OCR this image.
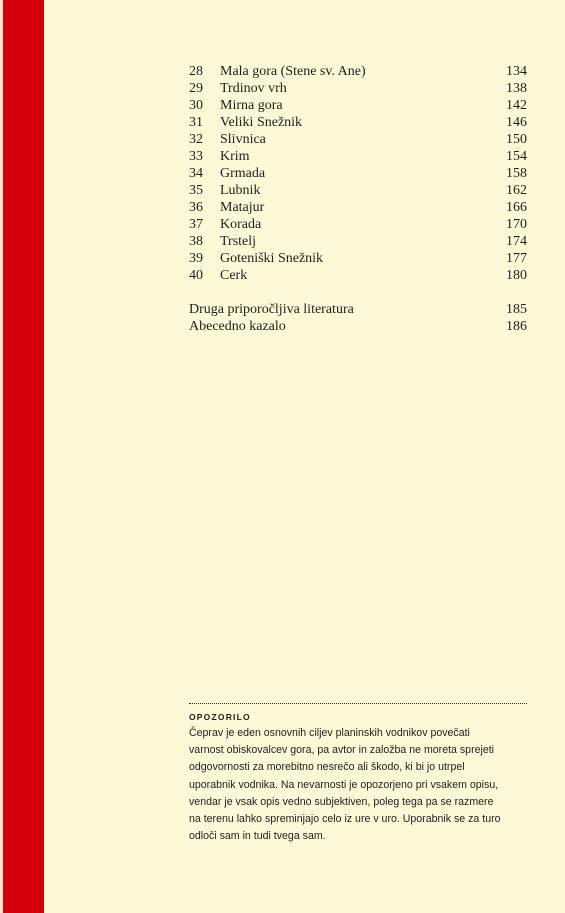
28	Mala gora (Stene sv. Ane)	134
29	Trdinov vrh	138
30	Mirna gora	142
31	Veliki Snežnik	146
32	Slivnica	150
33	Krim	154
34	Grmada	158
35	Lubnik	162
36	Matajur	166
37	Korada	170
38	Trstelj	174
39	Goteniški Snežnik	177
40	Cerk	180
Druga priporočljiva literatura	185
Abecedno kazalo	186
OPOZORILO
Čeprav je eden osnovnih ciljev planinskih vodnikov povečati varnost obiskovalcev gora, pa avtor in založba ne moreta sprejeti odgovornosti za morebitno nesrečo ali škodo, ki bi jo utrpel uporabnik vodnika. Na nevarnosti je opozorjeno pri vsakem opisu, vendar je vsak opis vedno subjektiven, poleg tega pa se razmere na terenu lahko spreminjajo celo iz ure v uro. Uporabnik se za turo odloči sam in tudi tvega sam.
